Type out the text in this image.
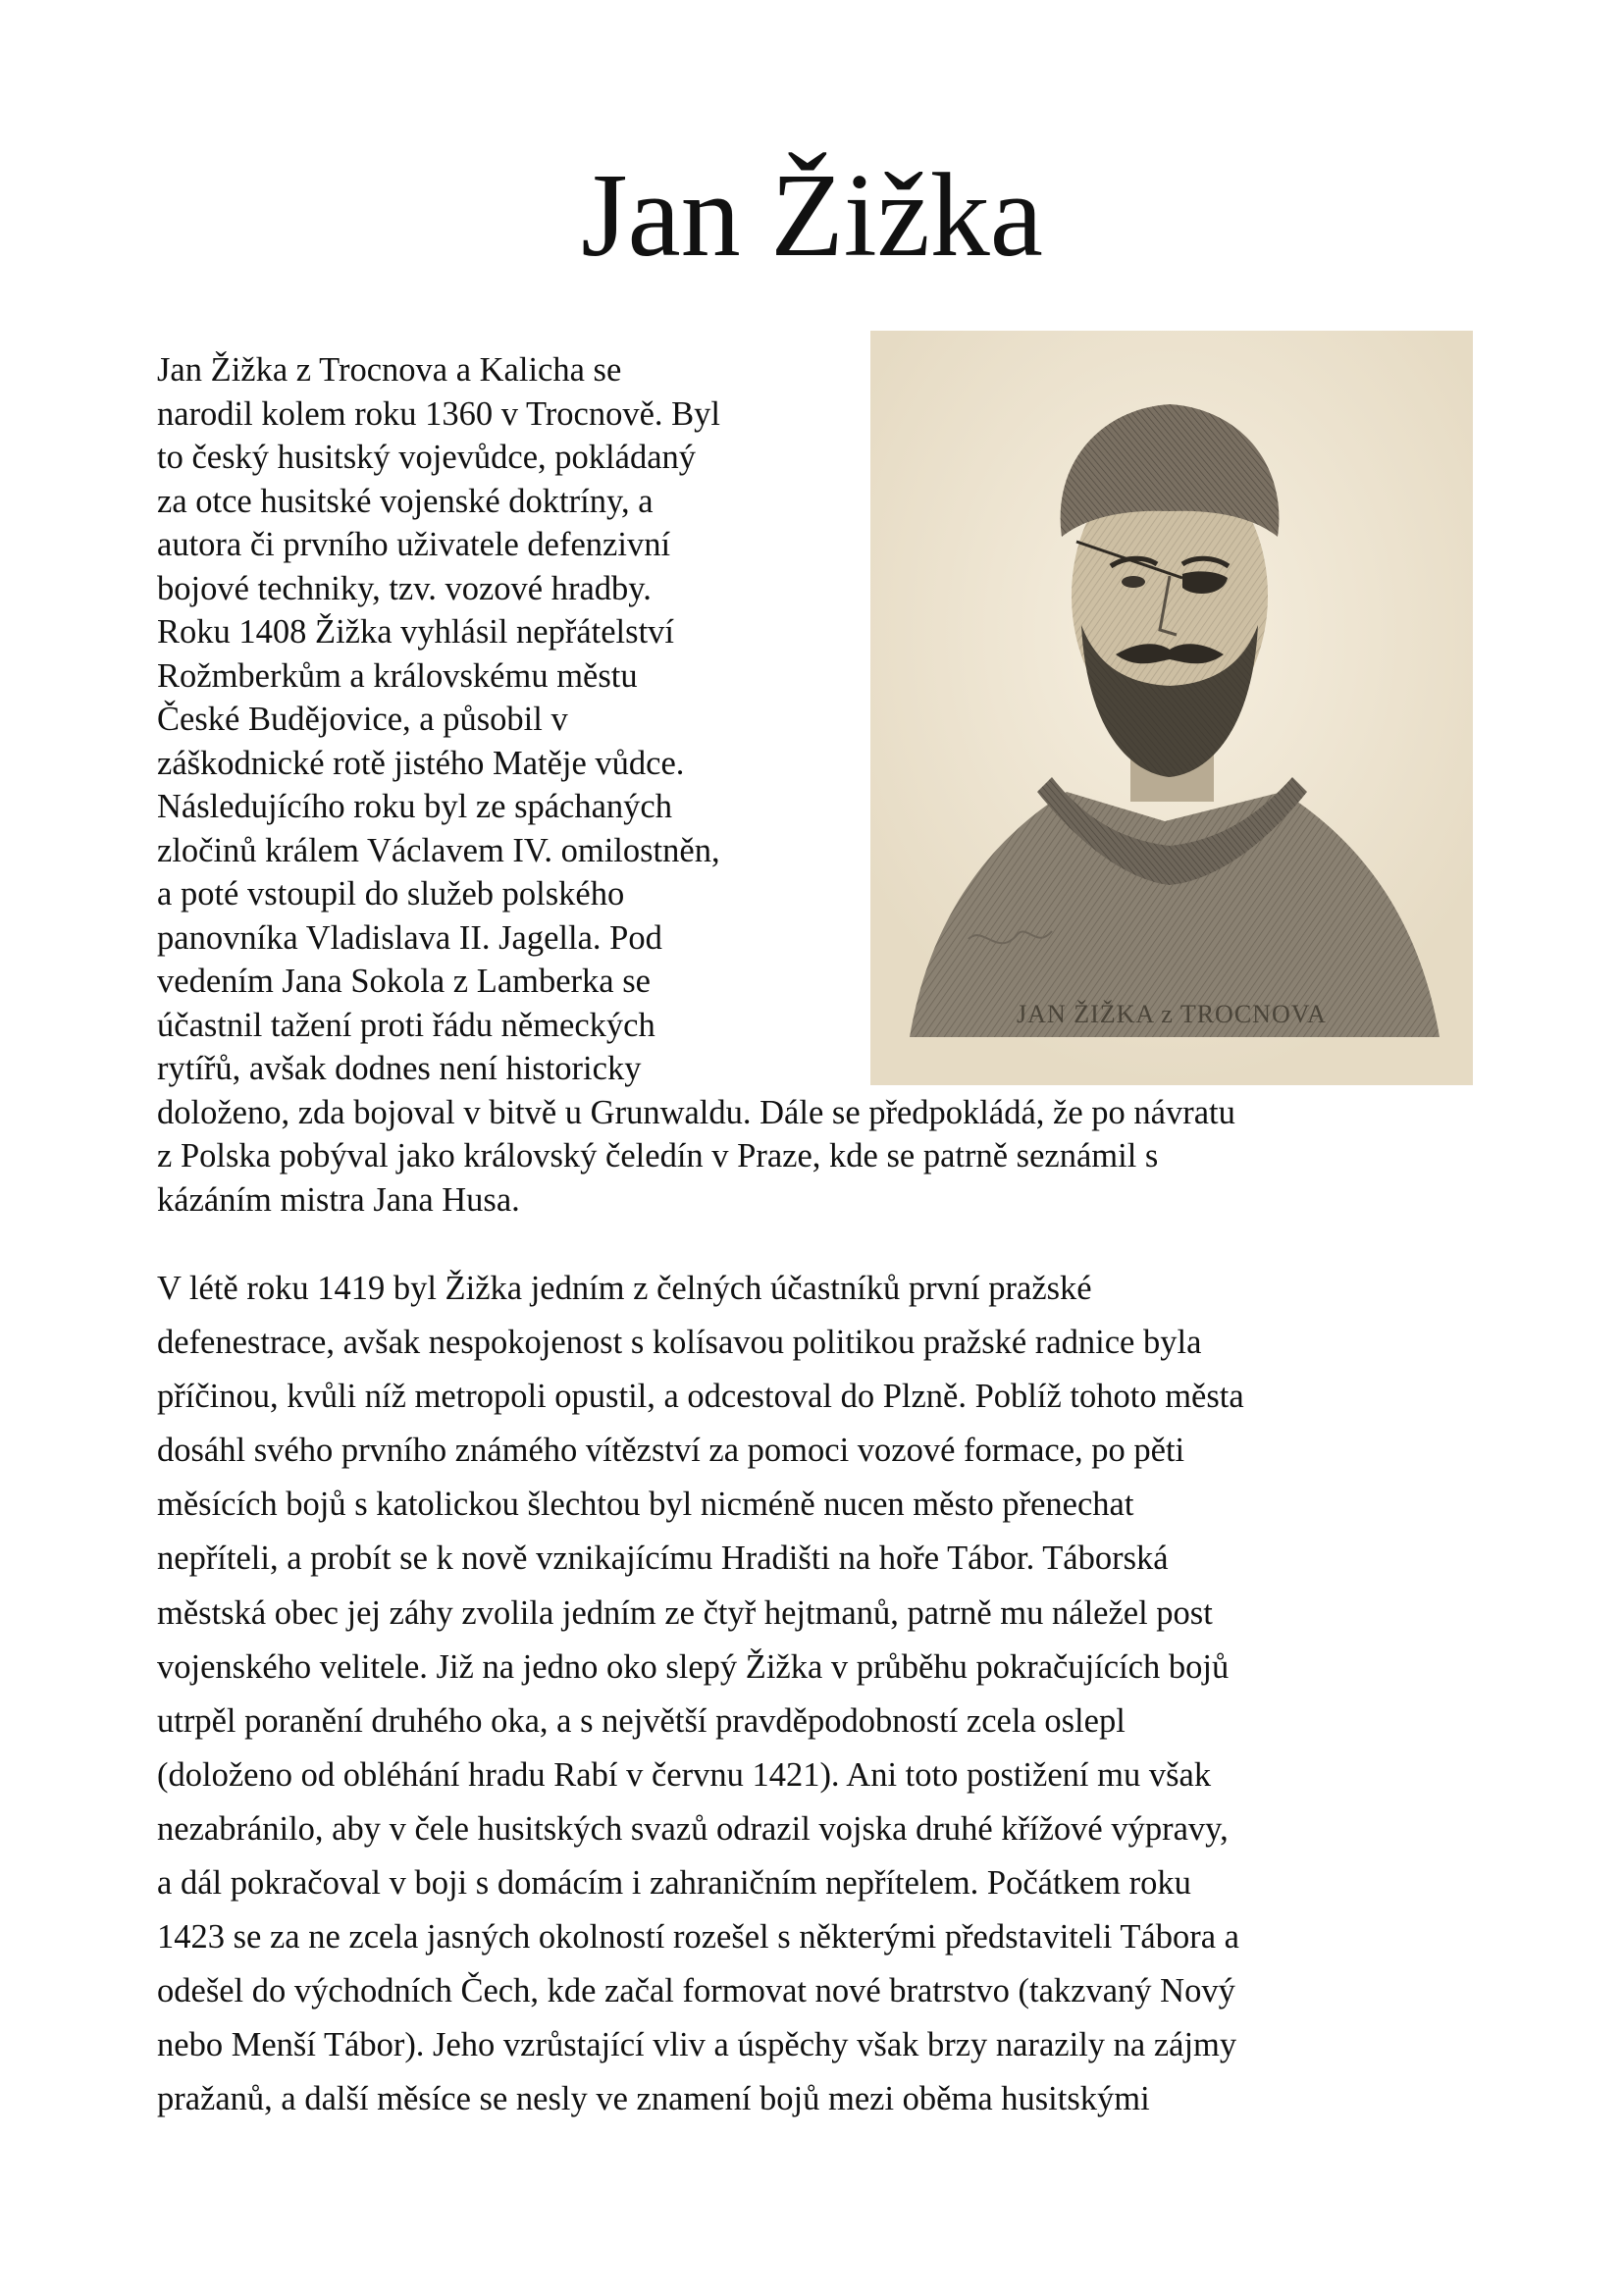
Jan Žižka
JAN ŽIŽKA z TROCNOVA
Jan Žižka z Trocnova a Kalicha se
narodil kolem roku 1360 v Trocnově. Byl
to český husitský vojevůdce, pokládaný
za otce husitské vojenské doktríny, a
autora či prvního uživatele defenzivní
bojové techniky, tzv. vozové hradby.
Roku 1408 Žižka vyhlásil nepřátelství
Rožmberkům a královskému městu
České Budějovice, a působil v
záškodnické rotě jistého Matěje vůdce.
Následujícího roku byl ze spáchaných
zločinů králem Václavem IV. omilostněn,
a poté vstoupil do služeb polského
panovníka Vladislava II. Jagella. Pod
vedením Jana Sokola z Lamberka se
účastnil tažení proti řádu německých
rytířů, avšak dodnes není historicky
doloženo, zda bojoval v bitvě u Grunwaldu. Dále se předpokládá, že po návratu
z Polska pobýval jako královský čeledín v Praze, kde se patrně seznámil s
kázáním mistra Jana Husa.
V létě roku 1419 byl Žižka jedním z čelných účastníků první pražské
defenestrace, avšak nespokojenost s kolísavou politikou pražské radnice byla
příčinou, kvůli níž metropoli opustil, a odcestoval do Plzně. Poblíž tohoto města
dosáhl svého prvního známého vítězství za pomoci vozové formace, po pěti
měsících bojů s katolickou šlechtou byl nicméně nucen město přenechat
nepříteli, a probít se k nově vznikajícímu Hradišti na hoře Tábor. Táborská
městská obec jej záhy zvolila jedním ze čtyř hejtmanů, patrně mu náležel post
vojenského velitele. Již na jedno oko slepý Žižka v průběhu pokračujících bojů
utrpěl poranění druhého oka, a s největší pravděpodobností zcela oslepl
(doloženo od obléhání hradu Rabí v červnu 1421). Ani toto postižení mu však
nezabránilo, aby v čele husitských svazů odrazil vojska druhé křížové výpravy,
a dál pokračoval v boji s domácím i zahraničním nepřítelem. Počátkem roku
1423 se za ne zcela jasných okolností rozešel s některými představiteli Tábora a
odešel do východních Čech, kde začal formovat nové bratrstvo (takzvaný Nový
nebo Menší Tábor). Jeho vzrůstající vliv a úspěchy však brzy narazily na zájmy
pražanů, a další měsíce se nesly ve znamení bojů mezi oběma husitskými
